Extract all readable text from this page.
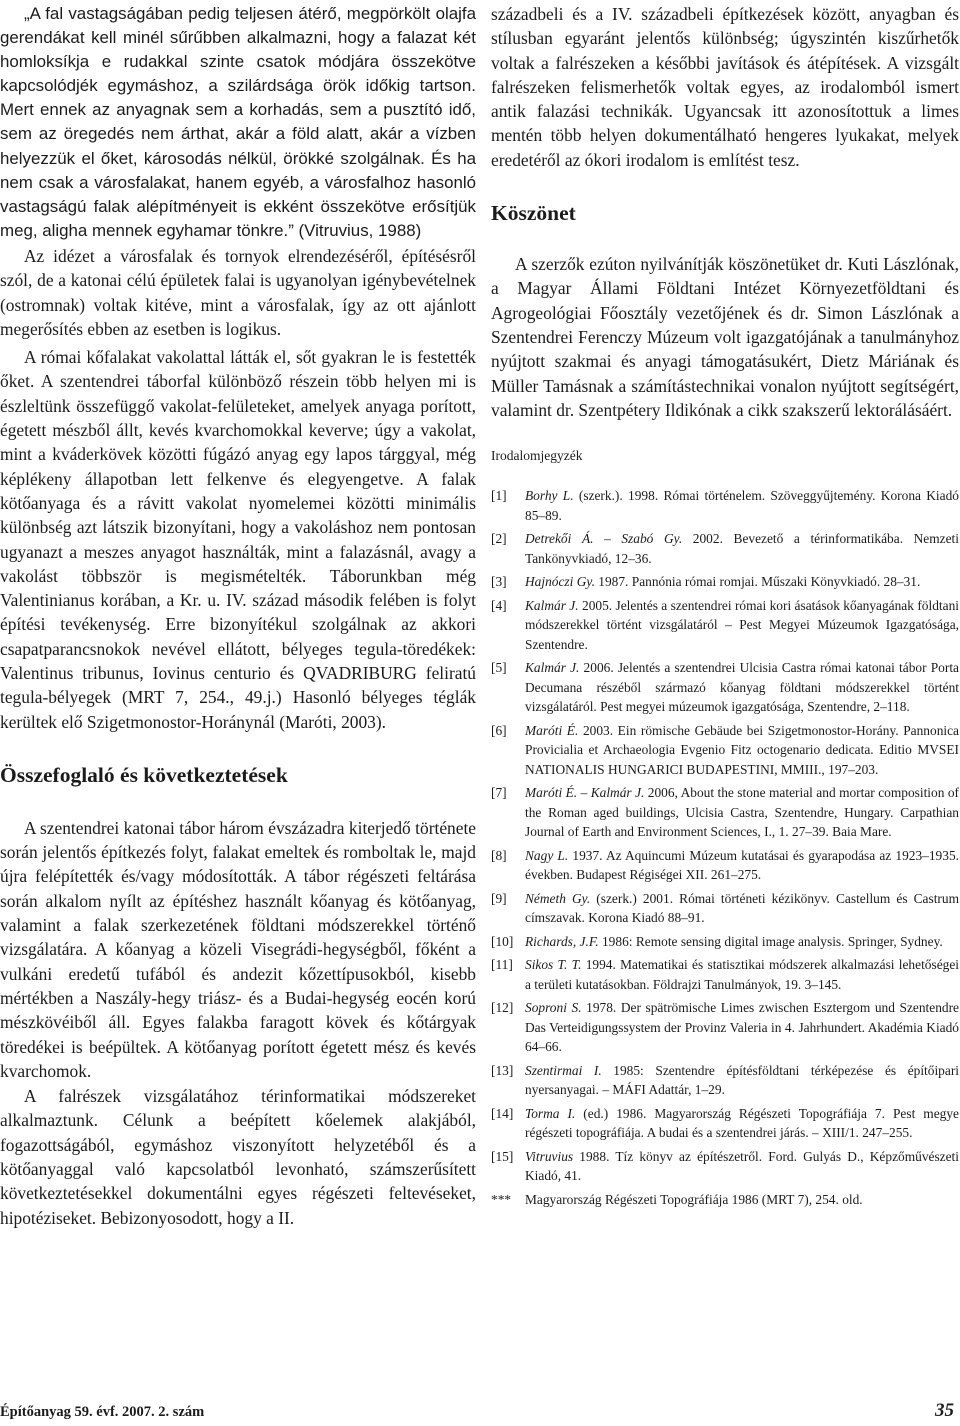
„A fal vastagságában pedig teljesen átérő, megpörkölt olajfa gerendákat kell minél sűrűbben alkalmazni, hogy a falazat két homloksíkja e rudakkal szinte csatok módjára összekötve kapcsolódjék egymáshoz, a szilárdsága örök időkig tartson. Mert ennek az anyagnak sem a korhadás, sem a pusztító idő, sem az öregedés nem árthat, akár a föld alatt, akár a vízben helyezzük el őket, károsodás nélkül, örökké szolgálnak. És ha nem csak a városfalakat, hanem egyéb, a városfalhoz hasonló vastagságú falak alépítményeit is ekként összekötve erősítjük meg, aligha mennek egyhamar tönkre.” (Vitruvius, 1988)

Az idézet a városfalak és tornyok elrendezéséről, építésésről szól, de a katonai célú épületek falai is ugyanolyan igénybevételnek (ostromnak) voltak kitéve, mint a városfalak, így az ott ajánlott megerősítés ebben az esetben is logikus.

A római kőfalakat vakolattal látták el, sőt gyakran le is festették őket. A szentendrei táborfal különböző részein több helyen mi is észleltünk összefüggő vakolat-felületeket, amelyek anyaga porított, égetett mészből állt, kevés kvarchomokkal keverve; úgy a vakolat, mint a kváderkövek közötti fúgázó anyag egy lapos tárggyal, még képlékeny állapotban lett felkenve és elegyengetve. A falak kötőanyaga és a rávitt vakolat nyomelemei közötti minimális különbség azt látszik bizonyítani, hogy a vakoláshoz nem pontosan ugyanazt a meszes anyagot használták, mint a falazásnál, avagy a vakolást többször is megismételték. Táborunkban még Valentinianus korában, a Kr. u. IV. század második felében is folyt építési tevékenység. Erre bizonyítékul szolgálnak az akkori csapatparancsnokok nevével ellátott, bélyeges tegula-töredékek: Valentinus tribunus, Iovinus centurio és QVADRIBURG feliratú tegula-bélyegek (MRT 7, 254., 49.j.) Hasonló bélyeges téglák kerültek elő Szigetmonostor-Horánynál (Maróti, 2003).

Összefoglaló és következtetések

A szentendrei katonai tábor három évszázadra kiterjedő története során jelentős építkezés folyt, falakat emeltek és romboltak le, majd újra felépítették és/vagy módosították. A tábor régészeti feltárása során alkalom nyílt az építéshez használt kőanyag és kötőanyag, valamint a falak szerkezetének földtani módszerekkel történő vizsgálatára. A kőanyag a közeli Visegrádi-hegységből, főként a vulkáni eredetű tufából és andezit kőzettípusokból, kisebb mértékben a Naszály-hegy triász- és a Budai-hegység eocén korú mészkövéiből áll. Egyes falakba faragott kövek és kőtárgyak töredékei is beépültek. A kötőanyag porított égetett mész és kevés kvarchomok.

A falrészek vizsgálatához térinformatikai módszereket alkalmaztunk. Célunk a beépített kőelemek alakjából, fogazottságából, egymáshoz viszonyított helyzetéből és a kötőanyaggal való kapcsolatból levonható, számszerűsített következtetésekkel dokumentálni egyes régészeti feltevéseket, hipotéziseket. Bebizonyosodott, hogy a II.

századbeli és a IV. századbeli építkezések között, anyagban és stílusban egyaránt jelentős különbség; úgyszintén kiszűrhetők voltak a falrészeken a későbbi javítások és átépítések. A vizsgált falrészeken felismerhetők voltak egyes, az irodalomból ismert antik falazási technikák. Ugyancsak itt azonosítottuk a limes mentén több helyen dokumentálható hengeres lyukakat, melyek eredetéről az ókori irodalom is említést tesz.

Köszönet

A szerzők ezúton nyilvánítják köszönetüket dr. Kuti Lászlónak, a Magyar Állami Földtani Intézet Környezetföldtani és Agrogeológiai Főosztály vezetőjének és dr. Simon Lászlónak a Szentendrei Ferenczy Múzeum volt igazgatójának a tanulmányhoz nyújtott szakmai és anyagi támogatásukért, Dietz Máriának és Müller Tamásnak a számítástechnikai vonalon nyújtott segítségért, valamint dr. Szentpétery Ildikónak a cikk szakszerű lektorálásáért.

Irodalomjegyzék
[1] Borhy L. (szerk.). 1998. Római történelem. Szöveggyűjtemény. Korona Kiadó 85–89.
[2] Detrekői Á. – Szabó Gy. 2002. Bevezető a térinformatikába. Nemzeti Tankönyvkiadó, 12–36.
[3] Hajnóczi Gy. 1987. Pannónia római romjai. Műszaki Könyvkiadó. 28–31.
[4] Kalmár J. 2005. Jelentés a szentendrei római kori ásatások kőanyagának földtani módszerekkel történt vizsgálatáról – Pest Megyei Múzeumok Igazgatósága, Szentendre.
[5] Kalmár J. 2006. Jelentés a szentendrei Ulcisia Castra római katonai tábor Porta Decumana részéből származó kőanyag földtani módszerekkel történt vizsgálatáról. Pest megyei múzeumok igazgatósága, Szentendre, 2–118.
[6] Maróti É. 2003. Ein römische Gebäude bei Szigetmonostor-Horány. Pannonica Provicialia et Archaeologia Evgenio Fitz octogenario dedicata. Editio MVSEI NATIONALIS HUNGARICI BUDAPESTINI, MMIII., 197–203.
[7] Maróti É. – Kalmár J. 2006, About the stone material and mortar composition of the Roman aged buildings, Ulcisia Castra, Szentendre, Hungary. Carpathian Journal of Earth and Environment Sciences, I., 1. 27–39. Baia Mare.
[8] Nagy L. 1937. Az Aquincumi Múzeum kutatásai és gyarapodása az 1923–1935. években. Budapest Régiségei XII. 261–275.
[9] Németh Gy. (szerk.) 2001. Római történeti kézikönyv. Castellum és Castrum címszavak. Korona Kiadó 88–91.
[10] Richards, J.F. 1986: Remote sensing digital image analysis. Springer, Sydney.
[11] Sikos T. T. 1994. Matematikai és statisztikai módszerek alkalmazási lehetőségei a területi kutatásokban. Földrajzi Tanulmányok, 19. 3–145.
[12] Soproni S. 1978. Der spätrömische Limes zwischen Esztergom und Szentendre Das Verteidigungssystem der Provinz Valeria in 4. Jahrhundert. Akadémia Kiadó 64–66.
[13] Szentirmai I. 1985: Szentendre építésföldtani térképezése és építőipari nyersanyagai. – MÁFI Adattár, 1–29.
[14] Torma I. (ed.) 1986. Magyarország Régészeti Topográfiája 7. Pest megye régészeti topográfiája. A budai és a szentendrei járás. – XIII/1. 247–255.
[15] Vitruvius 1988. Tíz könyv az építészetről. Ford. Gulyás D., Képzőművészeti Kiadó, 41.
*** Magyarország Régészeti Topográfiája 1986 (MRT 7), 254. old.
Építőanyag 59. évf. 2007. 2. szám	35
